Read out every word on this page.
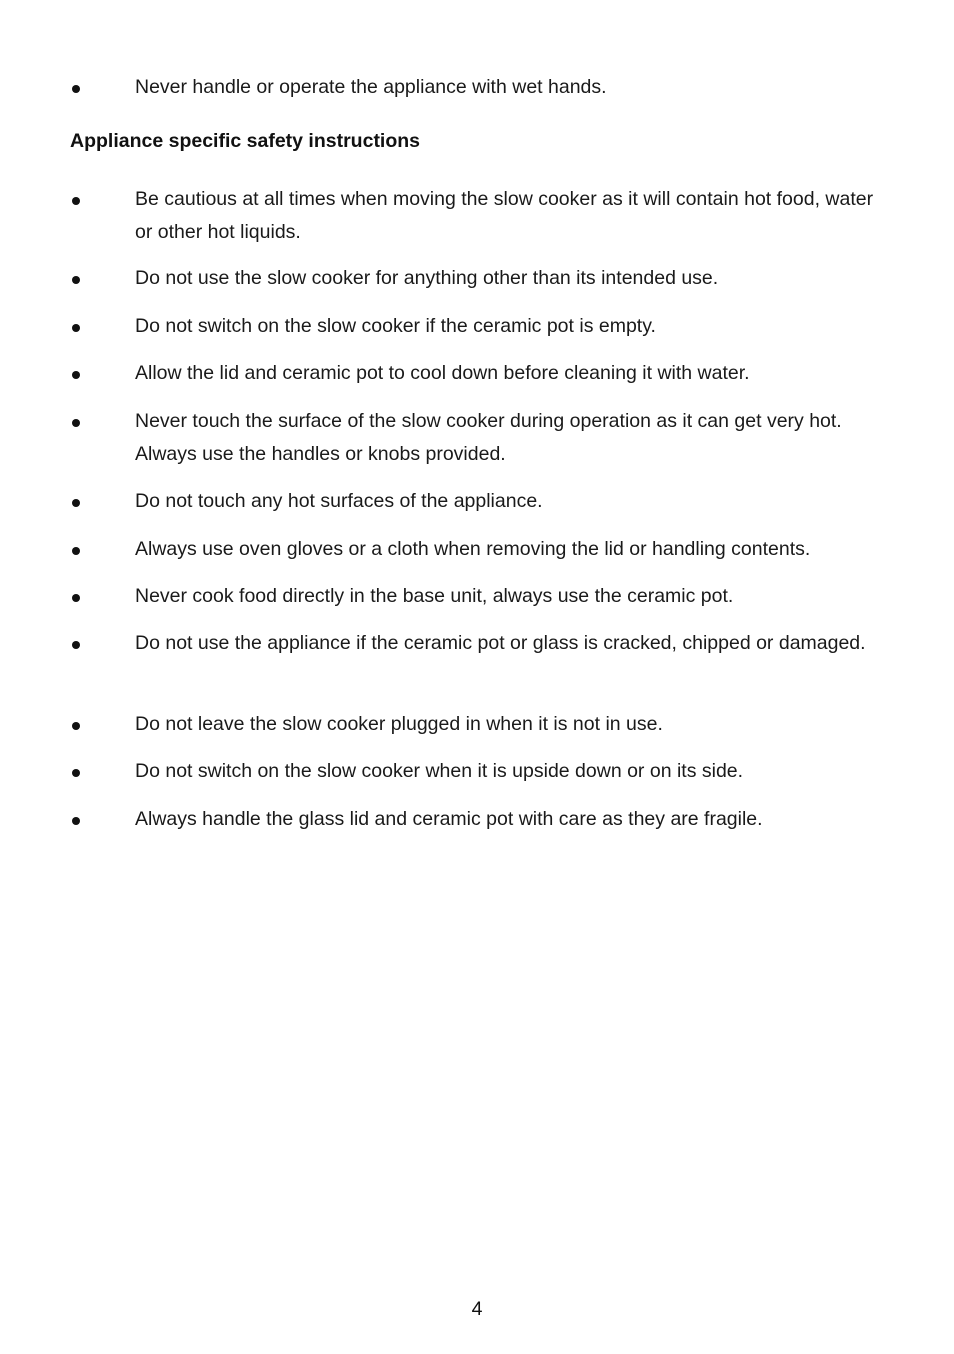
Never handle or operate the appliance with wet hands.
Appliance specific safety instructions
Be cautious at all times when moving the slow cooker as it will contain hot food, water or other hot liquids.
Do not use the slow cooker for anything other than its intended use.
Do not switch on the slow cooker if the ceramic pot is empty.
Allow the lid and ceramic pot to cool down before cleaning it with water.
Never touch the surface of the slow cooker during operation as it can get very hot. Always use the handles or knobs provided.
Do not touch any hot surfaces of the appliance.
Always use oven gloves or a cloth when removing the lid or handling contents.
Never cook food directly in the base unit, always use the ceramic pot.
Do not use the appliance if the ceramic pot or glass is cracked, chipped or damaged.
Do not leave the slow cooker plugged in when it is not in use.
Do not switch on the slow cooker when it is upside down or on its side.
Always handle the glass lid and ceramic pot with care as they are fragile.
4
